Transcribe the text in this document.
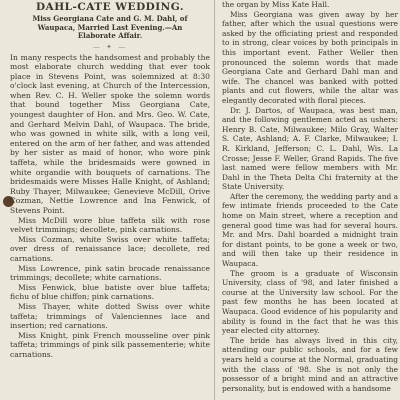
DAHL-CATE WEDDING.
Miss Georgiana Cate and G. M. Dahl, of Waupaca, Married Last Evening.—An Elaborate Affair.
— ✦ —

In many respects the handsomest and probably the most elaborate church wedding that ever took place in Stevens Point, was solemnized at 8:30 o'clock last evening, at Church of the Intercession, when Rev. C. H. Weller spoke the solemn words that bound together Miss Georgiana Cate, youngest daughter of Hon. and Mrs. Geo. W. Cate, and Gerhard Melvin Dahl, of Waupaca. The bride, who was gowned in white silk, with a long veil, entered on the arm of her father, and was attended by her sister as maid of honor, who wore pink taffeta, while the bridesmaids were gowned in white organdie with bouquets of carnations. The bridesmaids were Misses Halle Knight, of Ashland; Ruby Thayer, Milwaukee; Genevieve McDill, Orive Cozman, Nettie Lowrence and Ina Fenwick, of Stevens Point.

Miss McDill wore blue taffeta silk with rose velvet trimmings; decollete, pink carnations.

Miss Cozman, white Swiss over white taffeta; over dress of renaissance lace; decollete, red carnations.

Miss Lowrence, pink satin brocade renaissance trimmings; decollete; white carnations.

Miss Fenwick, blue batiste over blue taffeta; fichu of blue chiffon; pink carnations.

Miss Thayer, white dotted Swiss over white taffeta; trimmings of Valenciennes lace and insertion; red carnations.

Miss Knight, pink French mousseline over pink taffeta; trimmings of pink silk passementerie; white carnations.

the organ by Miss Kate Hall.

Miss Georgiana was given away by her father, after which the usual questions were asked by the officiating priest and responded to in strong, clear voices by both principals in this important event. Father Weller then pronounced the solemn words that made Georgiana Cate and Gerhard Dahl man and wife. The chancel was banked with potted plants and cut flowers, while the altar was elegantly decorated with floral pieces.

Dr. J. Dartos, of Waupaca, was best man, and the following gentlemen acted as ushers: Henry B. Cate, Milwaukee; Milo Gray, Walter S. Cate, Ashland; A. F. Clarke, Milwaukee; I. R. Kirkland, Jefferson; C. L. Dahl, Wis. La Crosse; Jesse F. Weller, Grand Rapids. The five last named were fellow members with Mr. Dahl in the Theta Delta Chi fraternity at the State University.

After the ceremony, the wedding party and a few intimate friends proceeded to the Cate home on Main street, where a reception and general good time was had for several hours. Mr. and Mrs. Dahl boarded a midnight train for distant points, to be gone a week or two, and will then take up their residence in Waupaca.

The groom is a graduate of Wisconsin University, class of '98, and later finished a course at the University law school. For the past few months he has been located at Waupaca. Good evidence of his popularity and ability is found in the fact that he was this year elected city attorney.

The bride has always lived in this city, attending our public schools, and for a few years held a course at the Normal, graduating with the class of '98. She is not only the possessor of a bright mind and an attractive personality, but is endowed with a handsome
